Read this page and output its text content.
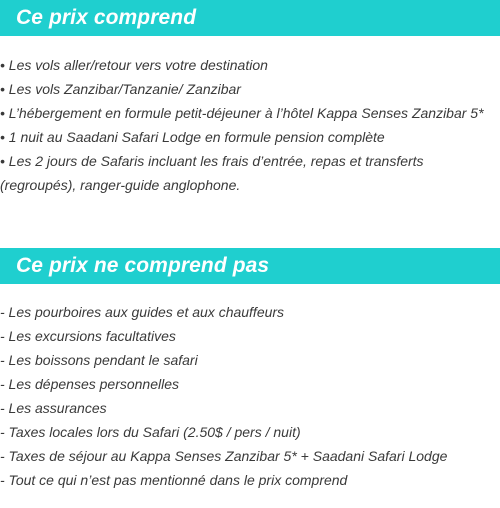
Ce prix comprend
• Les vols aller/retour vers votre destination
• Les vols Zanzibar/Tanzanie/ Zanzibar
• L’hébergement en formule petit-déjeuner à l’hôtel Kappa Senses Zanzibar 5*
• 1 nuit au Saadani Safari Lodge en formule pension complète
• Les 2 jours de Safaris incluant les frais d’entrée, repas et transferts (regroupés), ranger-guide anglophone.
Ce prix ne comprend pas
- Les pourboires aux guides et aux chauffeurs
- Les excursions facultatives
- Les boissons pendant le safari
- Les dépenses personnelles
- Les assurances
- Taxes locales lors du Safari (2.50$ / pers / nuit)
- Taxes de séjour au Kappa Senses Zanzibar 5* + Saadani Safari Lodge
- Tout ce qui n’est pas mentionné dans le prix comprend
